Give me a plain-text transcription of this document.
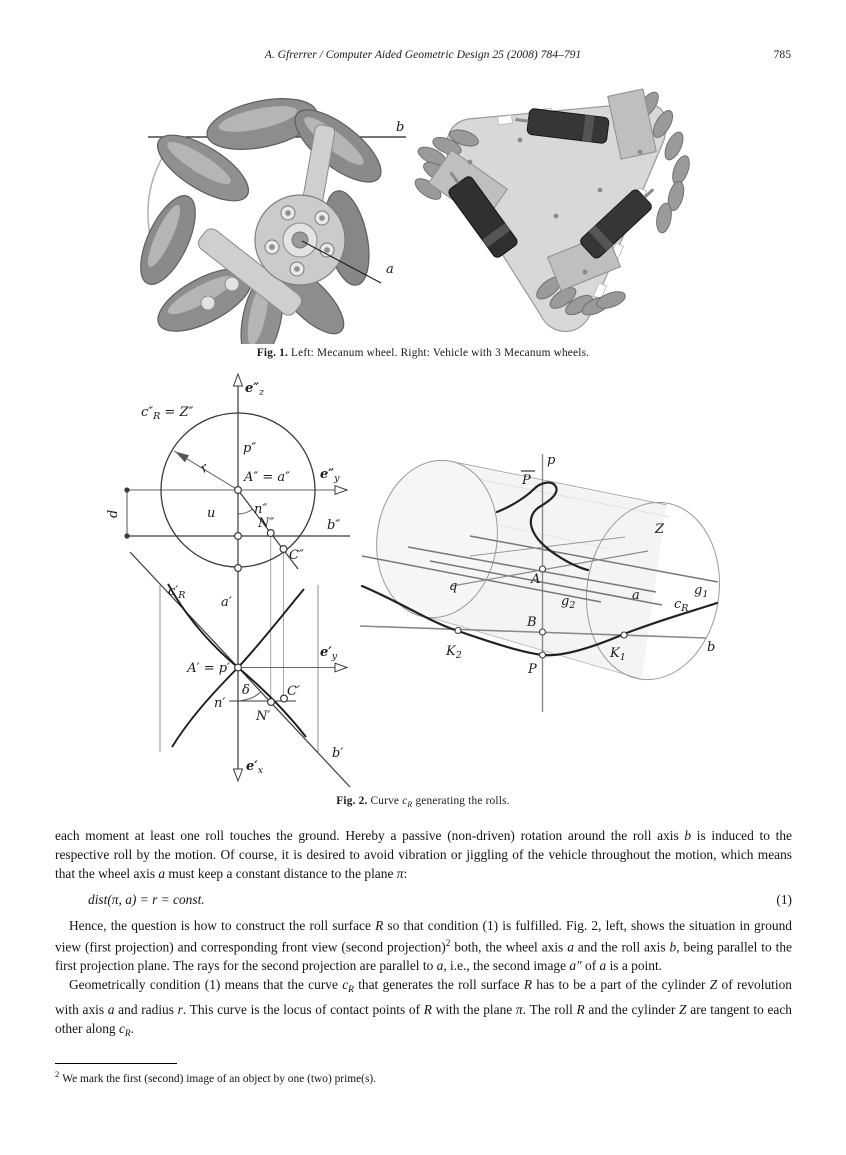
A. Gfrerrer / Computer Aided Geometric Design 25 (2008) 784–791	785
b
a
Fig. 1. Left: Mecanum wheel. Right: Vehicle with 3 Mecanum wheels.
$e''_z$
$c''_R = Z''$
p″
r
A″ = a″ $e''_y$
u	n″
N″	b″
C″
d
$c'_R$	a′
A′ = p′
$e'_y$
δ
n′
N′
C′
b′
$e'_x$
p
P
Z
A
q
$g_2$
$g_1$
a
$c_R$
b
B
$K_2$	$K_1$
P
Fig. 2. Curve $c_R$ generating the rolls.

each moment at least one roll touches the ground. Hereby a passive (non-driven) rotation around the roll axis b is induced to the respective roll by the motion. Of course, it is desired to avoid vibration or jiggling of the vehicle throughout the motion, which means that the wheel axis a must keep a constant distance to the plane π:

dist(π, a) = r = const.	(1)

Hence, the question is how to construct the roll surface R so that condition (1) is fulfilled. Fig. 2, left, shows the situation in ground view (first projection) and corresponding front view (second projection)$^2$ both, the wheel axis a and the roll axis b, being parallel to the first projection plane. The rays for the second projection are parallel to a, i.e., the second image a″ of a is a point.

Geometrically condition (1) means that the curve $c_R$ that generates the roll surface R has to be a part of the cylinder Z of revolution with axis a and radius r. This curve is the locus of contact points of R with the plane π. The roll R and the cylinder Z are tangent to each other along $c_R$.

$^2$ We mark the first (second) image of an object by one (two) prime(s).
